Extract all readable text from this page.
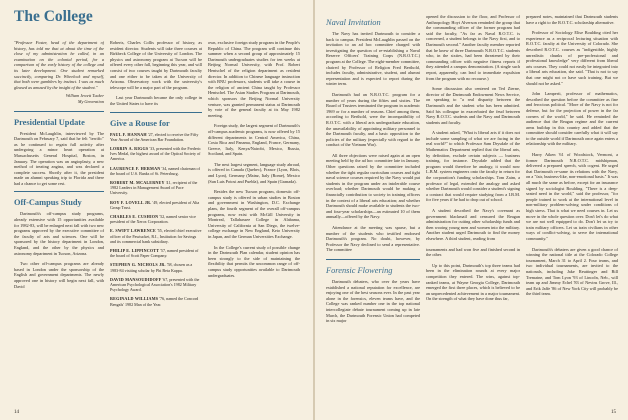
The College

"Professor Foster, head of the department of history, has told me that at about the time of the close of my administration he called, in an examination on the colonial period, for a comparison of the early history of the college and its later development. One student remarked succinctly, comparing Dr. Wheelock and myself, that both were gamblers by instinct. I was as much gleased as amused by the insight of the student."

William Jewett Tucker
My Generation
Presidential Update

President McLaughlin, interviewed by The Dartmouth on February 7, said that he felt "terrific" as he continued to regain full activity after undergoing a minor heart operation at Massachusetts General Hospital, Boston, in January. The operation was an angioplasty, a new method of treating angina, and was declared a complete success. Shortly after it, the president made an alumni speaking trip to Florida and there had a chance to get some rest.

Off-Campus Study

Dartmouth's off-campus study programs, already extensive with 15 opportunities available for 1982-83, will be enlarged next fall with two new programs approved by the executive committee of the faculty of arts and sciences. One will be sponsored by the history department in London, England, and the other by the physics and astronomy department in Tucson, Arizona.

Two other off-campus programs are already based in London under the sponsorship of the English and government departments. The newly approved one in history will begin next fall, with David

Roberts, Charles Collis professor of history, as resident director. Students will take three courses at Birkbeck College of the University of London. The physics and astronomy program at Tucson will be offered every other fall, beginning this year, and will consist of two courses taught by Dartmouth faculty and one either to be taken at the University of Arizona. Observatory work with the university's telescope will be a major part of the program.

Last year Dartmouth became the only college in the United States to have its

Give a Rouse for

PAUL F. HANNAH '27, elected to receive the Fifty Year Award of the American Bar Foundation.

LORRIN A. RIGGS '33, presented with the Frederic Ives Medal, the highest award of the Optical Society of America.

LAURENCE F. HERMAN '34, named chairman of the board of U.S. Banks of St. Petersburg.

ROBERT M. MCALERNEY '41, recipient of the 1982 Leaders in Management Award of Pace University.

ROY F. LOVELL JR. '49, elected president of Alta Group Trust.

CHARLES E. CUSHION '52, named senior vice president of the Xerox Corporation.

E. SWIFT LAWRENCE '55, elected chief executive officer of the Pawtucket, R.I., Institution for Savings and its commercial bank subsidiary.

PHILIP E. LIPPINCOTT '57, named president of the board of Scott Paper Company.

STEPHEN G. NICHOLS JR. '58, chosen as a 1983-84 visiting scholar by Phi Beta Kappa.

DAVID MANSOUDIDOFF '67, presented with the American Psychological Association's 1982 Military Psychology Award.

REGINALD WILLIAMS '76, named the Concord Bengals' 1982 Man of the Year.

own, exclusive foreign study program in the People's Republic of China. The program will continue this summer when a second group of approximately 15 Dartmouth undergraduates studies for ten weeks at Beijing Normal University, with Prof. Robert Hentschel of the religion department as resident director. In addition to Chinese language instruction with BNU professors, students will take a course in the religion of ancient China taught by Professor Hentschel. The Asian Studies Program at Dartmouth, which sponsors the Beijing Normal University venture, was granted permanent status at Dartmouth by vote of the general faculty at its May 1982 meeting.

Foreign study, the largest segment of Dartmouth's off-campus academic programs, is now offered by 15 different departments in Central America, China, Costa Rica and Panama, England, France, Germany, Greece, Italy, Kenya/Nairobi, Mexico, Russia, Scotland, and Spain.

The next largest segment, language study abroad, is offered in Canada (Quebec), France (Lyon, Blois, and Lyon), Germany (Mainz, Italy (Rome), Mexico (San Luis Potosi and Puebla), and Spain (Granada).

Besides the new Tucson program, domestic off-campus study is offered in urban studies in Boston and government in Washington, D.C. Exchange plans, the fourth segment of the overall off-campus programs, now exist with McGill University in Montreal, Tallahassee College in Alabama, University of California at San Diego, the twelve-college exchange in New England, Keio University in Japan, and the German Universities Exchange.

In the College's current study of possible change in the Dartmouth Plan calendar, student opinion has been strongly to the side of maintaining the flexibility that permits the uncommon range of off-campus study opportunities available to Dartmouth undergraduates.

14
Naval Invitation

The Navy has invited Dartmouth to consider a back to campus. President McLaughlin passed on the invitation to an ad hoc committee charged with investigating the question of re-establishing a Naval Reserve Officers' Training Corps (N.R.O.T.C.) program at the College. The eight-member committee, chaired by Professor of Religion Fred Berthold, includes faculty, administrative, student, and alumni representation and is expected to report during the winter term.

Dartmouth had an N.R.O.T.C. program for a number of years during the fifties and sixties. The Board of Trustees terminated the program in academic 1969 or for a number of reasons. Chief among them, according to Berthold, were the incompatibility of R.O.T.C. with a liberal arts undergraduate education, the unavailability of appointing military personnel to the Dartmouth faculty, and a basic opposition to the policies of the military (especially with regard to the conduct of the Vietnam War).

All three objections were raised again at an open meeting held by the ad hoc committee late in January. Other questions raised by the committee included whether the tight regular curriculum courses and tight naval science courses required by the Navy would put students in the program under an intolerable course overload; whether Dartmouth would be making a financially contribution to society in training officers in the context of a liberal arts education; and whether Dartmouth should make available to students the two- and four-year scholarships—an estimated 10 of them annually—offered by the Navy.

Attendance at the meeting was sparse, but a number of the students who testified endorsed Dartmouth's program. No doubt, however, by Professor the Navy declined to send a representative. The committee

Forensic Flowering

Dartmouth debaters, who over the years have established a national reputation for excellence, are enjoying one of the best seasons ever. In the past year alone in the forensics, eleven teams have, and the College was ranked number one in the top national intercollegiate debate tournament coming up in late March, the Dartmouth Forensic Union had competed in six major

opened the discussion to the floor, and Professor of Anthropology Hoyt Alverson reminded the group that the commanding officer of the former program had said the faculty, "As far as Naval R.O.T.C. is concerned, a student belongs to the Navy first, and to Dartmouth second." Another faculty member reported that he knew of three Dartmouth N.R.O.T.C. students who, in the sixties, had been threatened by their commanding officer with negative fitness reports if they attended a campus demonstration. (A single such report, apparently, can lead to immediate expulsion from the program with no recourse.)

Some discussion also centered on Ted Zierne, director of the Dartmouth Endowment News Service, on speaking to "a real disparity between the Dartmouth and the student who has been admitted. Said his colleague in exacerbated the feud between Navy R.O.T.C. students and the Navy and Dartmouth students and faculty.

A student asked, "What is liberal arts if it does not include some sampling of what we are facing in the real world?" to which Professor Sam Drysdale of the Mathematics Department replied that the liberal arts, by definition, exclude certain subjects — business training, for instance. Drysdale added that the program would therefore be analogy, it would now L.B.M. system engineers onto the faculty in return for the corporation's funding scholarships. Tom Zaim, a professor of legal, extended the analogy and asked whether Dartmouth would consider a student's signing a contract that would require studying from a I.B.M. for five years if he had to drop out of school.

A student described the Navy's covenant as government blackmail and censured the Reagan administration for cutting other scholarship funds and then wooing young men and women into the military. Another student urged Dartmouth to find the money elsewhere. A third student, reading from

tournaments and had won five and finished second in the other.

Up to this point, Dartmouth's top three teams had been in the elimination rounds at every major competition they entered. The wins, against top-ranked teams, at Wayne Georgia College, Dartmouth emerged the first three places, which is believed to be an unprecedented achievement in a major tournament. On the strength of what they have done thus far,

prepared notes, maintained that Dartmouth students have a right to the R.O.T.C. scholarship alternative.

Professor of Sociology Elise Boulding cited her experience as a reciprocal lecturing situation with R.O.T.C. faculty at the University of Colorado. She described R.O.T.C. courses as "indigestible, highly unrealistic chunks of pre-professional and professional knowledge" very different from liberal arts courses. They could not easily be integrated into a liberal arts education, she said. "That is not to say that one might not or have such training. But we should not be asked."

John Lamperti, professor of mathematics, described the question before the committee as fine and ferocious political. "More of the Navy is not for defense, but for the projection of power in the far corners of the world," he said. He reminded the audience that the Reagan regime and the current arms buildup in this country and added that the committee should consider carefully what it will say to the outside world if Dartmouth once again enters a relationship with the military.

Harry Aiken '61 of Woodstock, Vermont, a former Dartmouth N.R.O.T.C. midshipman, delivered a prepared speech, with cogent. He urged that Dartmouth re-same its relations with the Navy, on a "fair, business-like, non-emotional basis." It was all much the same as before, except for an insurance signed by sociologist Boulding. "There is a deep-seated need in the world," said the professor, "for people trained to work at the international level in non-military problem-solving under conditions of high stress. That is what we need courses in. Let us move in the whole question over. Don't let's do what we are not well equipped to do. Don't let us try to train military officers. Let us train civilians in other ways of conflict-solving, to serve the international community."

Dartmouth's debaters are given a good chance of winning the national title at the Colorado College tournament, March 31 to April 2. Four teams, and two individual tournaments, are invited to the nationals, including Jake Reuttinger and Bill Tremaine, and Tom Lyon '93 of Lincoln, Neb., will team up and Jimmy Echel '83 of Nevins Grove, Ill., and Erik Jaffe '86 of New York City will probably be the third team.

15
